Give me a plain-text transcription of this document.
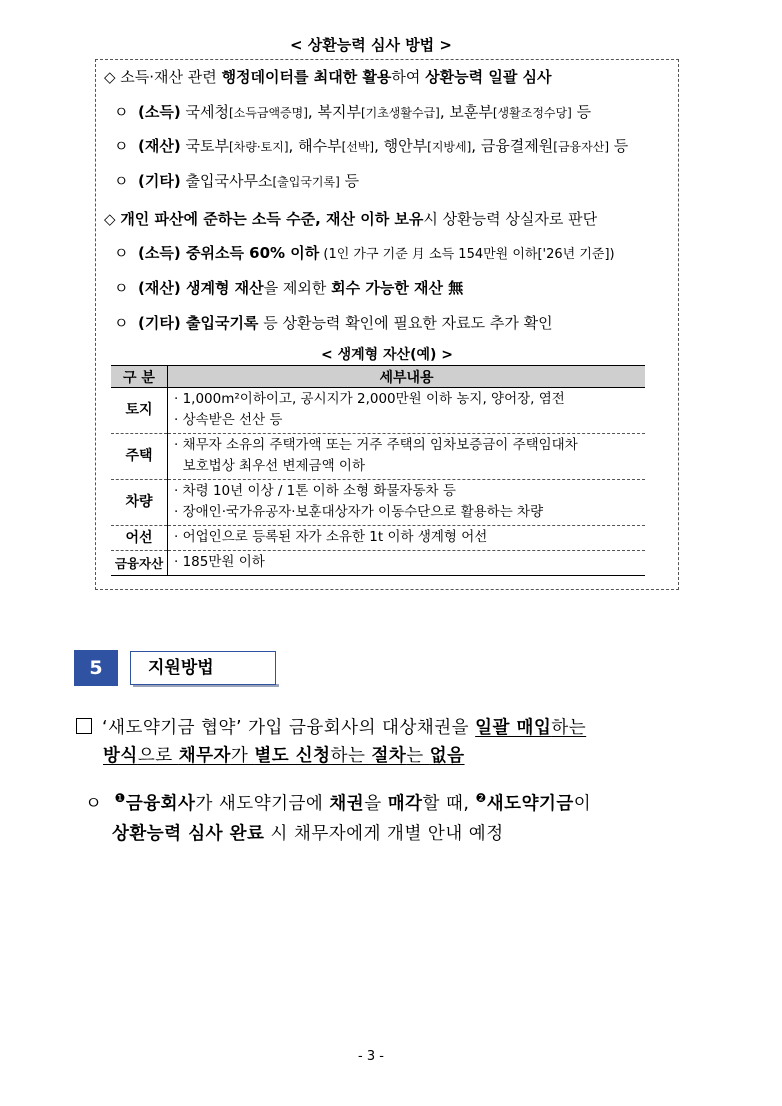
< 상환능력 심사 방법 >
◇ 소득·재산 관련 행정데이터를 최대한 활용하여 상환능력 일괄 심사
ㅇ (소득) 국세청[소득금액증명], 복지부[기초생활수급], 보훈부[생활조정수당] 등
ㅇ (재산) 국토부[차량·토지], 해수부[선박], 행안부[지방세], 금융결제원[금융자산] 등
ㅇ (기타) 출입국사무소[출입국기록] 등
◇ 개인 파산에 준하는 소득 수준, 재산 이하 보유시 상환능력 상실자로 판단
ㅇ (소득) 중위소득 60% 이하 (1인 가구 기준 月 소득 154만원 이하['26년 기준])
ㅇ (재산) 생계형 재산을 제외한 회수 가능한 재산 無
ㅇ (기타) 출입국기록 등 상환능력 확인에 필요한 자료도 추가 확인
< 생계형 자산(예) >
구 분	세부내용
토지	· 1,000m²이하이고, 공시지가 2,000만원 이하 농지, 양어장, 염전
· 상속받은 선산 등

주택	· 채무자 소유의 주택가액 또는 거주 주택의 임차보증금이 주택임대차
보호법상 최우선 변제금액 이하

차량	· 차령 10년 이상 / 1톤 이하 소형 화물자동차 등
· 장애인·국가유공자·보훈대상자가 이동수단으로 활용하는 차량

어선	· 어업인으로 등록된 자가 소유한 1t 이하 생계형 어선

금융자산	· 185만원 이하
5	지원방법
‘새도약기금 협약’ 가입 금융회사의 대상채권을 일괄 매입하는
방식으로 채무자가 별도 신청하는 절차는 없음
ㅇ $^❶$금융회사가 새도약기금에 채권을 매각할 때, $^❷$새도약기금이
상환능력 심사 완료 시 채무자에게 개별 안내 예정
- 3 -
